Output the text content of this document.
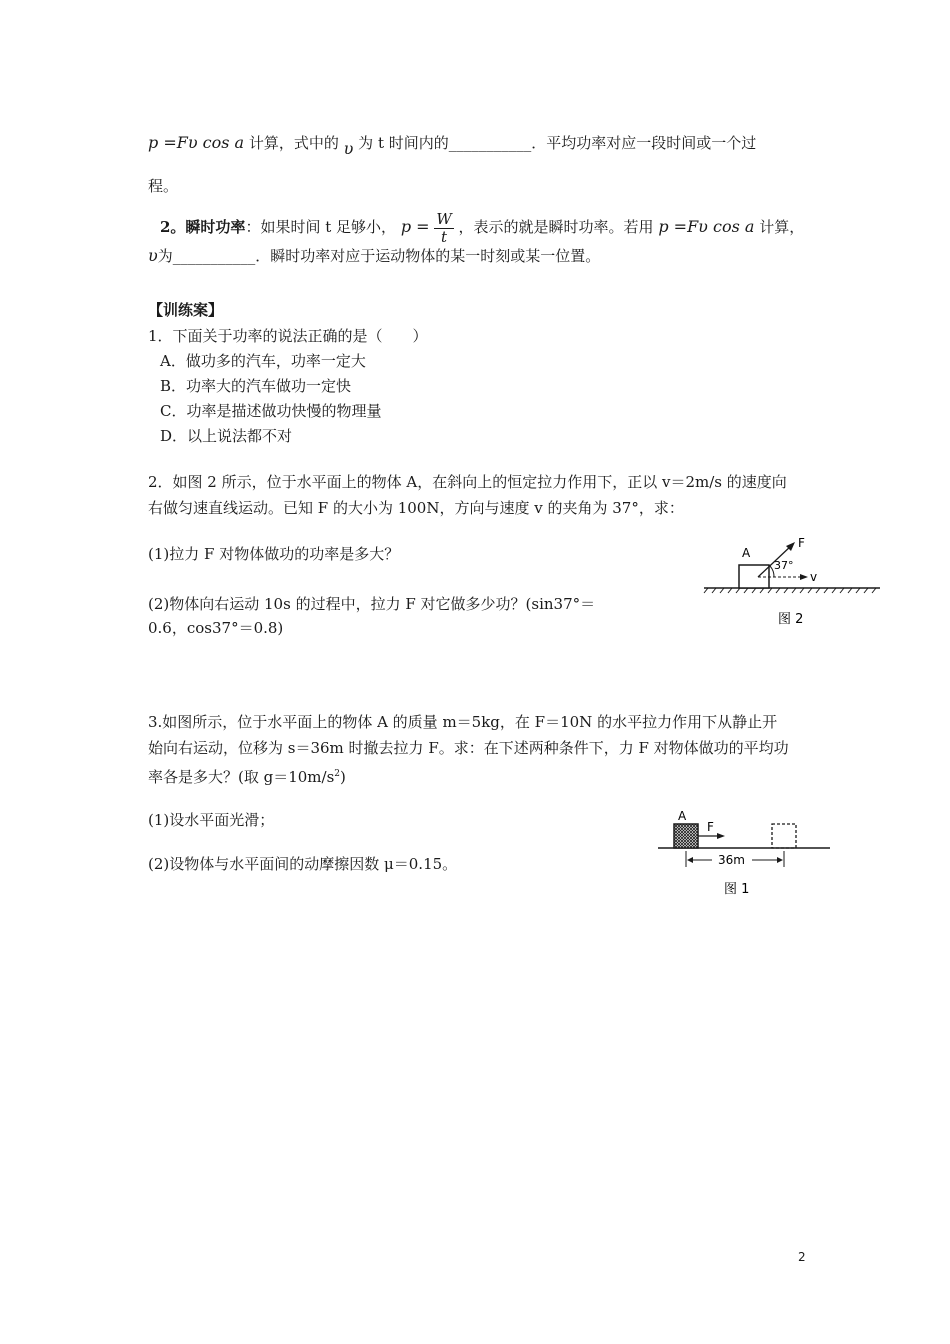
p =Fυ cos a 计算，式中的 υ 为 t 时间内的___________．平均功率对应一段时间或一个过
程。
2。瞬时功率：如果时间 t 足够小， $p = \frac{W}{t}$ ，表示的就是瞬时功率。若用 p =Fυ cos a 计算，
υ为___________．瞬时功率对应于运动物体的某一时刻或某一位置。
【训练案】
1．下面关于功率的说法正确的是（　　）
A．做功多的汽车，功率一定大
B．功率大的汽车做功一定快
C．功率是描述做功快慢的物理量
D．以上说法都不对
2．如图 2 所示，位于水平面上的物体 A，在斜向上的恒定拉力作用下，正以 v＝2m/s 的速度向
右做匀速直线运动。已知 F 的大小为 100N，方向与速度 v 的夹角为 37°，求：
(1)拉力 F 对物体做功的功率是多大？
(2)物体向右运动 10s 的过程中，拉力 F 对它做多少功？(sin37°＝
0.6，cos37°＝0.8)
A
F
v
37°
图 2
3.如图所示，位于水平面上的物体 A 的质量 m＝5kg，在 F＝10N 的水平拉力作用下从静止开
始向右运动，位移为 s＝36m 时撤去拉力 F。求：在下述两种条件下，力 F 对物体做功的平均功
率各是多大？(取 $g=10m/s^2$)
(1)设水平面光滑；
(2)设物体与水平面间的动摩擦因数 μ＝0.15。
A
F
36m
图 1
2
